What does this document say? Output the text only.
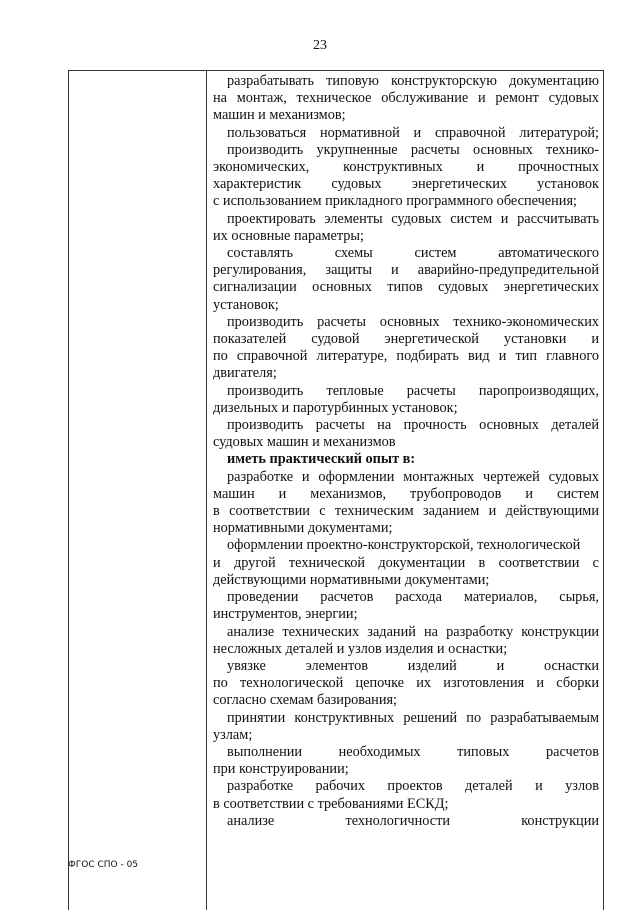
23
разрабатывать типовую конструкторскую документацию
на монтаж, техническое обслуживание и ремонт судовых
машин и механизмов;
пользоваться нормативной и справочной литературой;
производить укрупненные расчеты основных технико-
экономических, конструктивных и прочностных
характеристик судовых энергетических установок
с использованием прикладного программного обеспечения;
проектировать элементы судовых систем и рассчитывать
их основные параметры;
составлять схемы систем автоматического
регулирования, защиты и аварийно-предупредительной
сигнализации основных типов судовых энергетических
установок;
производить расчеты основных технико-экономических
показателей судовой энергетической установки и
по справочной литературе, подбирать вид и тип главного
двигателя;
производить тепловые расчеты паропроизводящих,
дизельных и паротурбинных установок;
производить расчеты на прочность основных деталей
судовых машин и механизмов
иметь практический опыт в:
разработке и оформлении монтажных чертежей судовых
машин и механизмов, трубопроводов и систем
в соответствии с техническим заданием и действующими
нормативными документами;
оформлении проектно-конструкторской, технологической
и другой технической документации в соответствии с
действующими нормативными документами;
проведении расчетов расхода материалов, сырья,
инструментов, энергии;
анализе технических заданий на разработку конструкции
несложных деталей и узлов изделия и оснастки;
увязке элементов изделий и оснастки
по технологической цепочке их изготовления и сборки
согласно схемам базирования;
принятии конструктивных решений по разрабатываемым
узлам;
выполнении необходимых типовых расчетов
при конструировании;
разработке рабочих проектов деталей и узлов
в соответствии с требованиями ЕСКД;
анализе технологичности конструкции
ФГОС СПО - 05
